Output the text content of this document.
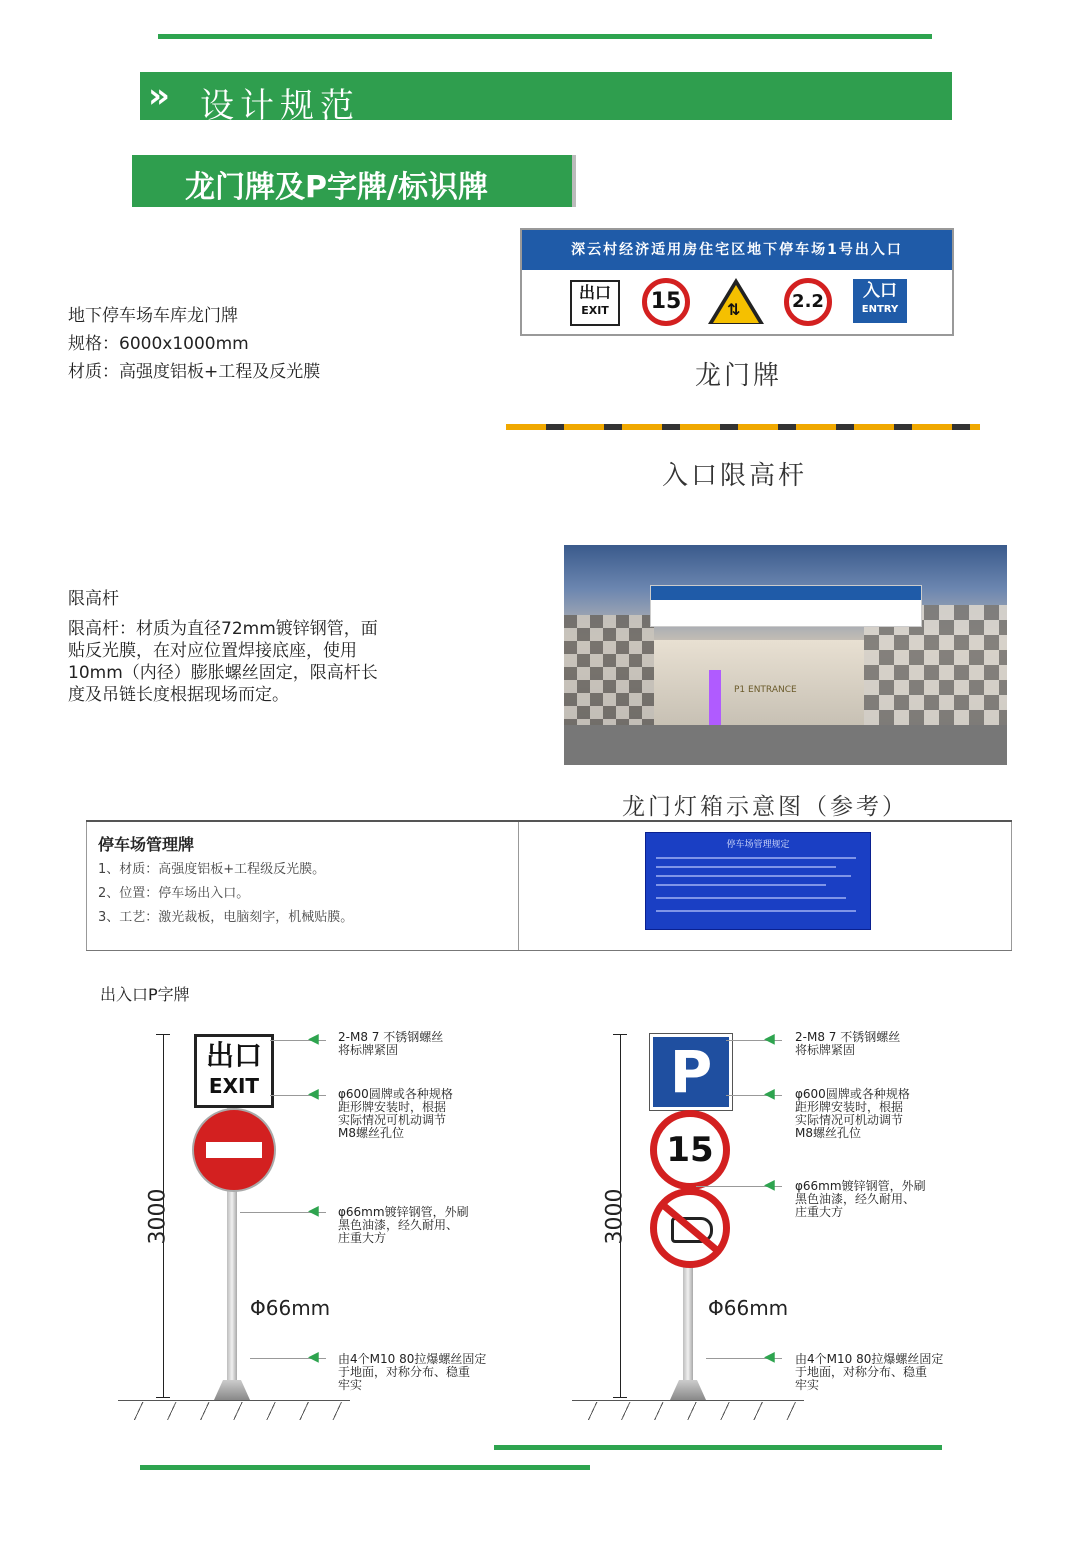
» 设计规范
龙门牌及P字牌/标识牌
地下停车场车库龙门牌
规格：6000x1000mm
材质：高强度铝板+工程及反光膜
深云村经济适用房住宅区地下停车场1号出入口
出口
EXIT	15	⇅	2.2	入口
ENTRY
龙门牌
入口限高杆
限高杆
限高杆：材质为直径72mm镀锌钢管，面
贴反光膜，在对应位置焊接底座，使用
10mm（内径）膨胀螺丝固定，限高杆长
度及吊链长度根据现场而定。	P1 ENTRANCE
龙门灯箱示意图（参考）
停车场管理牌
1、材质：高强度铝板+工程级反光膜。
2、位置：停车场出入口。
3、工艺：激光裁板，电脑刻字，机械贴膜。
停车场管理规定
出入口P字牌
3000
出口
EXIT
Φ66mm
◀ 2-M8 7 不锈钢螺丝
将标牌紧固
◀ φ600圆牌或各种规格
距形牌安装时，根据
实际情况可机动调节
M8螺丝孔位
◀ φ66mm镀锌钢管，外刷
黑色油漆，经久耐用、
庄重大方
◀ 由4个M10 80拉爆螺丝固定
于地面，对称分布、稳重
牢实
3000
P
15
Φ66mm
◀ 2-M8 7 不锈钢螺丝
将标牌紧固
◀ φ600圆牌或各种规格
距形牌安装时，根据
实际情况可机动调节
M8螺丝孔位
◀ φ66mm镀锌钢管，外刷
黑色油漆，经久耐用、
庄重大方
◀ 由4个M10 80拉爆螺丝固定
于地面，对称分布、稳重
牢实
